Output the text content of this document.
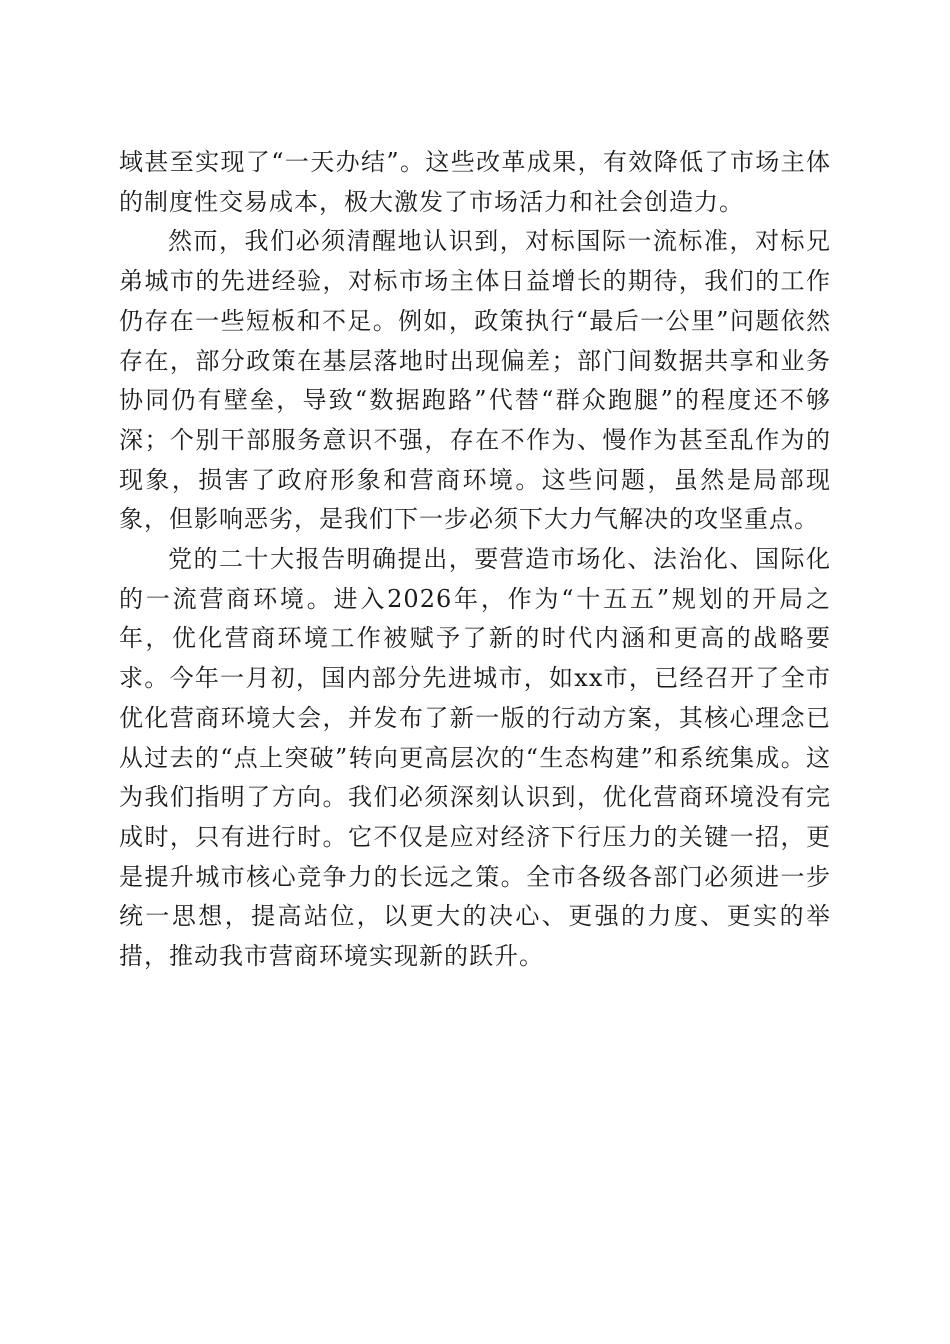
域甚至实现了“一天办结”。这些改革成果，有效降低了市场主体的制度性交易成本，极大激发了市场活力和社会创造力。

然而，我们必须清醒地认识到，对标国际一流标准，对标兄弟城市的先进经验，对标市场主体日益增长的期待，我们的工作仍存在一些短板和不足。例如，政策执行“最后一公里”问题依然存在，部分政策在基层落地时出现偏差；部门间数据共享和业务协同仍有壁垒，导致“数据跑路”代替“群众跑腿”的程度还不够深；个别干部服务意识不强，存在不作为、慢作为甚至乱作为的现象，损害了政府形象和营商环境。这些问题，虽然是局部现象，但影响恶劣，是我们下一步必须下大力气解决的攻坚重点。

党的二十大报告明确提出，要营造市场化、法治化、国际化的一流营商环境。进入2026年，作为“十五五”规划的开局之年，优化营商环境工作被赋予了新的时代内涵和更高的战略要求。今年一月初，国内部分先进城市，如xx市，已经召开了全市优化营商环境大会，并发布了新一版的行动方案，其核心理念已从过去的“点上突破”转向更高层次的“生态构建”和系统集成。这为我们指明了方向。我们必须深刻认识到，优化营商环境没有完成时，只有进行时。它不仅是应对经济下行压力的关键一招，更是提升城市核心竞争力的长远之策。全市各级各部门必须进一步统一思想，提高站位，以更大的决心、更强的力度、更实的举措，推动我市营商环境实现新的跃升。
